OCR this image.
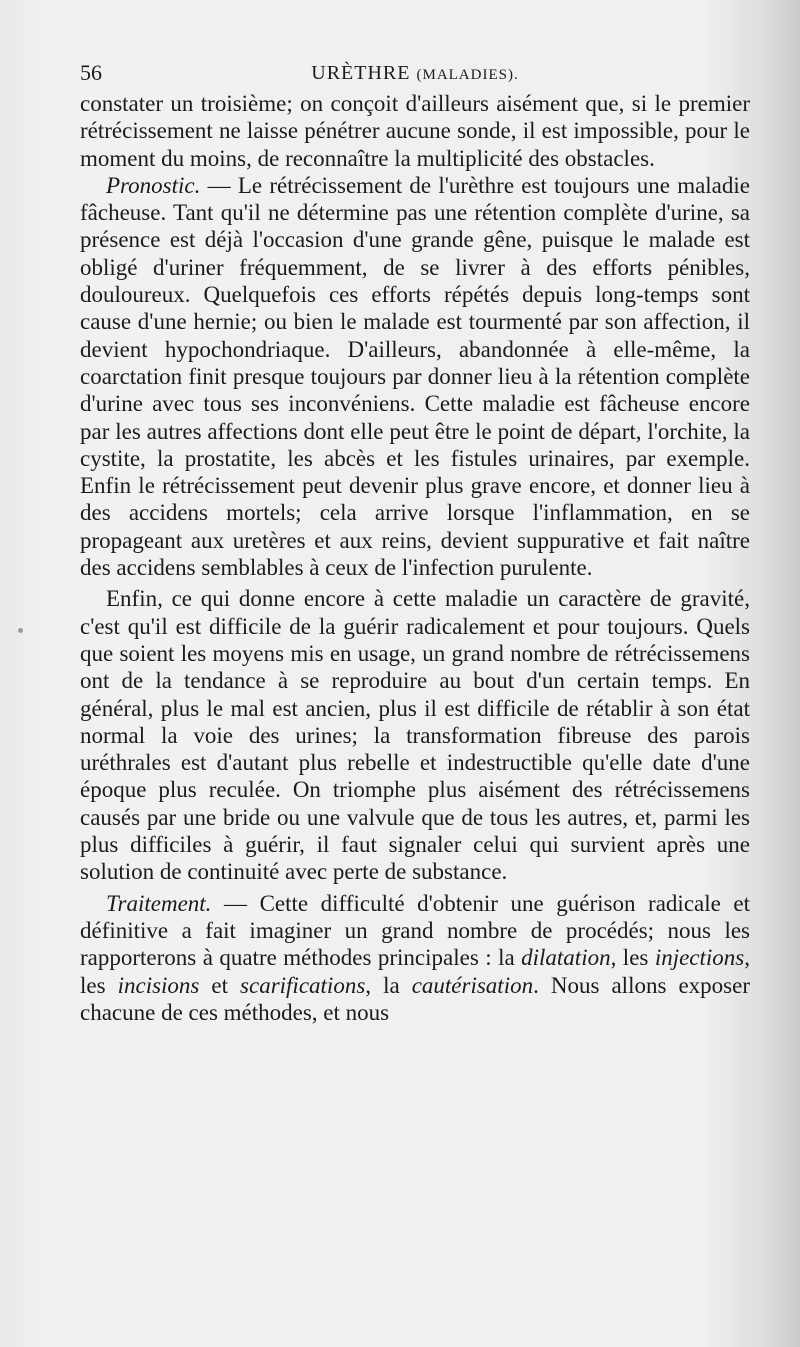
56	URÈTHRE (MALADIES).

constater un troisième; on conçoit d'ailleurs aisément que, si le premier rétrécissement ne laisse pénétrer aucune sonde, il est impossible, pour le moment du moins, de reconnaître la multiplicité des obstacles.

Pronostic. — Le rétrécissement de l'urèthre est toujours une maladie fâcheuse. Tant qu'il ne détermine pas une rétention complète d'urine, sa présence est déjà l'occasion d'une grande gêne, puisque le malade est obligé d'uriner fréquemment, de se livrer à des efforts pénibles, douloureux. Quelquefois ces efforts répétés depuis long-temps sont cause d'une hernie; ou bien le malade est tourmenté par son affection, il devient hypochondriaque. D'ailleurs, abandonnée à elle-même, la coarctation finit presque toujours par donner lieu à la rétention complète d'urine avec tous ses inconvéniens. Cette maladie est fâcheuse encore par les autres affections dont elle peut être le point de départ, l'orchite, la cystite, la prostatite, les abcès et les fistules urinaires, par exemple. Enfin le rétrécissement peut devenir plus grave encore, et donner lieu à des accidens mortels; cela arrive lorsque l'inflammation, en se propageant aux uretères et aux reins, devient suppurative et fait naître des accidens semblables à ceux de l'infection purulente.

Enfin, ce qui donne encore à cette maladie un caractère de gravité, c'est qu'il est difficile de la guérir radicalement et pour toujours. Quels que soient les moyens mis en usage, un grand nombre de rétrécissemens ont de la tendance à se reproduire au bout d'un certain temps. En général, plus le mal est ancien, plus il est difficile de rétablir à son état normal la voie des urines; la transformation fibreuse des parois uréthrales est d'autant plus rebelle et indestructible qu'elle date d'une époque plus reculée. On triomphe plus aisément des rétrécissemens causés par une bride ou une valvule que de tous les autres, et, parmi les plus difficiles à guérir, il faut signaler celui qui survient après une solution de continuité avec perte de substance.

Traitement. — Cette difficulté d'obtenir une guérison radicale et définitive a fait imaginer un grand nombre de procédés; nous les rapporterons à quatre méthodes principales : la dilatation, les injections, les incisions et scarifications, la cautérisation. Nous allons exposer chacune de ces méthodes, et nous
